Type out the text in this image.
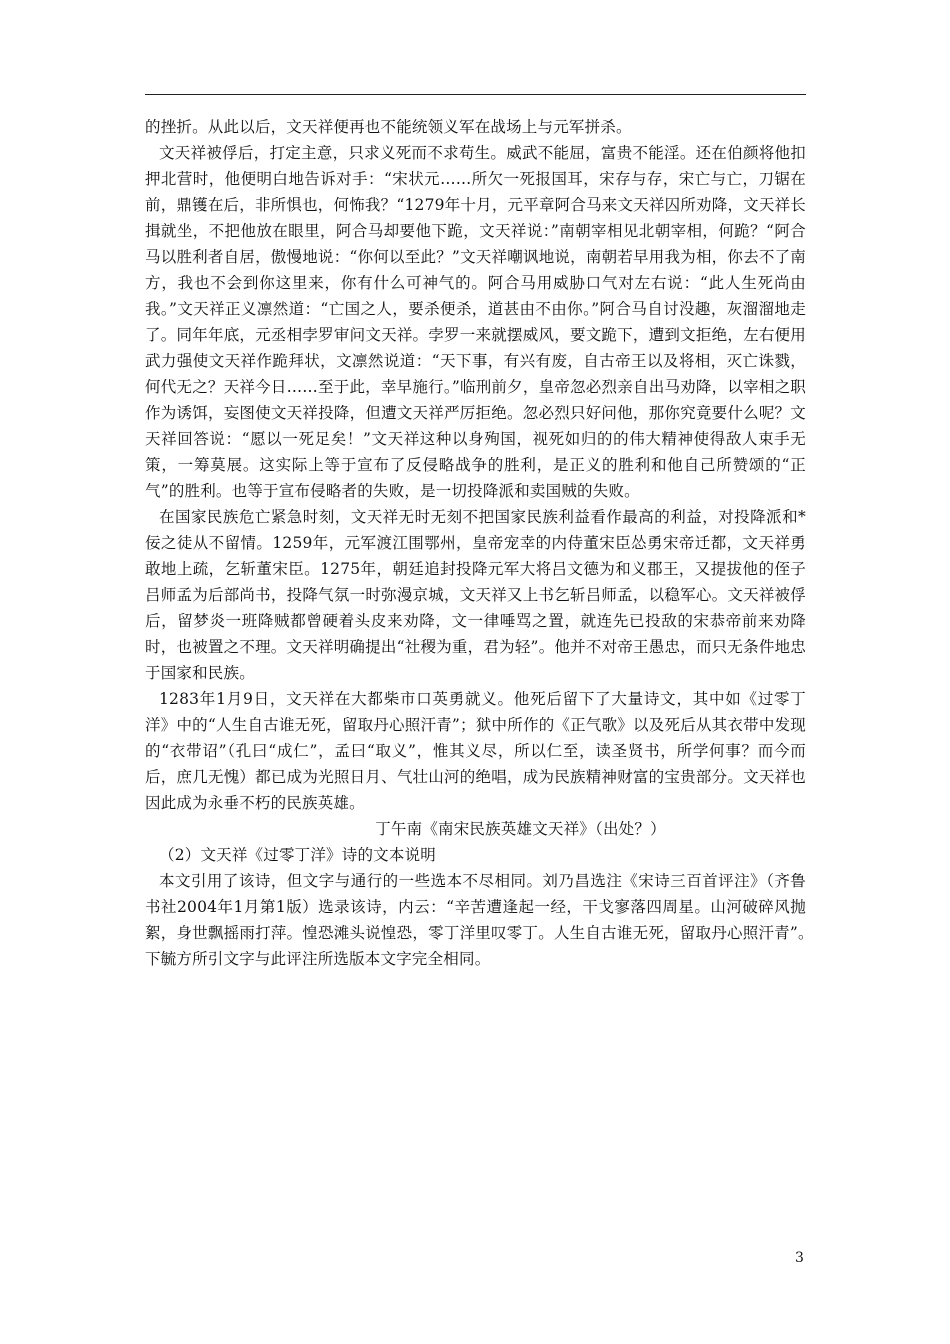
的挫折。从此以后，文天祥便再也不能统领义军在战场上与元军拼杀。

文天祥被俘后，打定主意，只求义死而不求苟生。威武不能屈，富贵不能淫。还在伯颜将他扣押北营时，他便明白地告诉对手：“宋状元……所欠一死报国耳，宋存与存，宋亡与亡，刀锯在前，鼎镬在后，非所惧也，何怖我？“1279年十月，元平章阿合马来文天祥囚所劝降，文天祥长揖就坐，不把他放在眼里，阿合马却要他下跪，文天祥说：”南朝宰相见北朝宰相，何跪？“阿合马以胜利者自居，傲慢地说：“你何以至此？”文天祥嘲讽地说，南朝若早用我为相，你去不了南方，我也不会到你这里来，你有什么可神气的。阿合马用威胁口气对左右说：“此人生死尚由我。”文天祥正义凛然道：“亡国之人，要杀便杀，道甚由不由你。”阿合马自讨没趣，灰溜溜地走了。同年年底，元丞相孛罗审问文天祥。孛罗一来就摆威风，要文跪下，遭到文拒绝，左右便用武力强使文天祥作跪拜状，文凛然说道：“天下事，有兴有废，自古帝王以及将相，灭亡诛戮，何代无之？天祥今日……至于此，幸早施行。”临刑前夕，皇帝忽必烈亲自出马劝降，以宰相之职作为诱饵，妄图使文天祥投降，但遭文天祥严厉拒绝。忽必烈只好问他，那你究竟要什么呢？文天祥回答说：“愿以一死足矣！”文天祥这种以身殉国，视死如归的的伟大精神使得敌人束手无策，一筹莫展。这实际上等于宣布了反侵略战争的胜利，是正义的胜利和他自己所赞颂的“正气”的胜利。也等于宣布侵略者的失败，是一切投降派和卖国贼的失败。

在国家民族危亡紧急时刻，文天祥无时无刻不把国家民族利益看作最高的利益，对投降派和*佞之徒从不留情。1259年，元军渡江围鄂州，皇帝宠幸的内侍董宋臣怂勇宋帝迁都，文天祥勇敢地上疏，乞斩董宋臣。1275年，朝廷追封投降元军大将吕文德为和义郡王，又提拔他的侄子吕师孟为后部尚书，投降气氛一时弥漫京城，文天祥又上书乞斩吕师孟，以稳军心。文天祥被俘后，留梦炎一班降贼都曾硬着头皮来劝降，文一律唾骂之置，就连先已投敌的宋恭帝前来劝降时，也被置之不理。文天祥明确提出“社稷为重，君为轻”。他并不对帝王愚忠，而只无条件地忠于国家和民族。

1283年1月9日，文天祥在大都柴市口英勇就义。他死后留下了大量诗文，其中如《过零丁洋》中的“人生自古谁无死，留取丹心照汗青”；狱中所作的《正气歌》以及死后从其衣带中发现的“衣带诏”（孔曰“成仁”，孟曰“取义”，惟其义尽，所以仁至，读圣贤书，所学何事？而今而后，庶几无愧）都已成为光照日月、气壮山河的绝唱，成为民族精神财富的宝贵部分。文天祥也因此成为永垂不朽的民族英雄。

丁午南《南宋民族英雄文天祥》（出处？）

（2）文天祥《过零丁洋》诗的文本说明

本文引用了该诗，但文字与通行的一些选本不尽相同。刘乃昌选注《宋诗三百首评注》（齐鲁书社2004年1月第1版）选录该诗，内云：“辛苦遭逢起一经，干戈寥落四周星。山河破碎风抛絮，身世飘摇雨打萍。惶恐滩头说惶恐，零丁洋里叹零丁。人生自古谁无死，留取丹心照汗青”。　下毓方所引文字与此评注所选版本文字完全相同。

3
